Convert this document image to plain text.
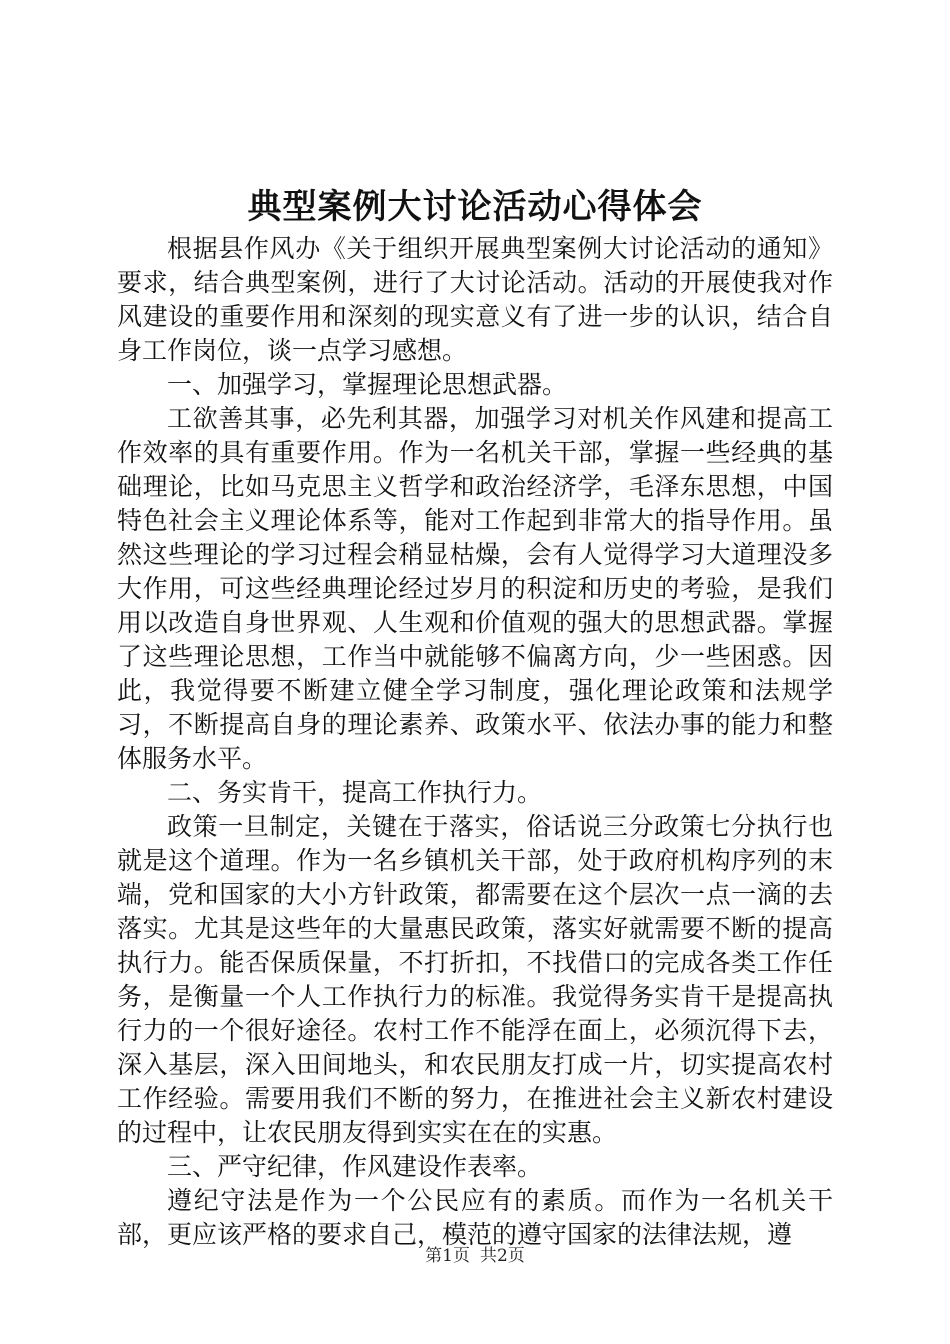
典型案例大讨论活动心得体会

根据县作风办《关于组织开展典型案例大讨论活动的通知》要求，结合典型案例，进行了大讨论活动。活动的开展使我对作风建设的重要作用和深刻的现实意义有了进一步的认识，结合自身工作岗位，谈一点学习感想。

一、加强学习，掌握理论思想武器。

工欲善其事，必先利其器，加强学习对机关作风建和提高工作效率的具有重要作用。作为一名机关干部，掌握一些经典的基础理论，比如马克思主义哲学和政治经济学，毛泽东思想，中国特色社会主义理论体系等，能对工作起到非常大的指导作用。虽然这些理论的学习过程会稍显枯燥，会有人觉得学习大道理没多大作用，可这些经典理论经过岁月的积淀和历史的考验，是我们用以改造自身世界观、人生观和价值观的强大的思想武器。掌握了这些理论思想，工作当中就能够不偏离方向，少一些困惑。因此，我觉得要不断建立健全学习制度，强化理论政策和法规学习，不断提高自身的理论素养、政策水平、依法办事的能力和整体服务水平。

二、务实肯干，提高工作执行力。

政策一旦制定，关键在于落实，俗话说三分政策七分执行也就是这个道理。作为一名乡镇机关干部，处于政府机构序列的末端，党和国家的大小方针政策，都需要在这个层次一点一滴的去落实。尤其是这些年的大量惠民政策，落实好就需要不断的提高执行力。能否保质保量，不打折扣，不找借口的完成各类工作任务，是衡量一个人工作执行力的标准。我觉得务实肯干是提高执行力的一个很好途径。农村工作不能浮在面上，必须沉得下去，深入基层，深入田间地头，和农民朋友打成一片，切实提高农村工作经验。需要用我们不断的努力，在推进社会主义新农村建设的过程中，让农民朋友得到实实在在的实惠。

三、严守纪律，作风建设作表率。

遵纪守法是作为一个公民应有的素质。而作为一名机关干部，更应该严格的要求自己，模范的遵守国家的法律法规，遵

第1页 共2页
